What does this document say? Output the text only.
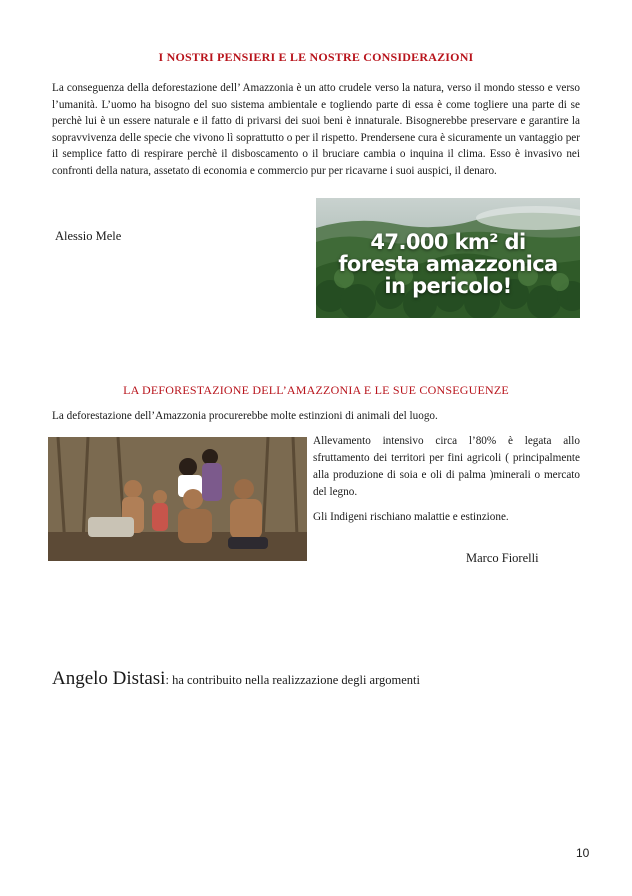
I NOSTRI PENSIERI E LE NOSTRE CONSIDERAZIONI

La conseguenza della deforestazione dell’ Amazzonia è un atto crudele verso la natura, verso il mondo stesso e verso l’umanità. L’uomo ha bisogno del suo sistema ambientale e togliendo parte di essa è come togliere una parte di se perchè lui è un essere naturale e il fatto di privarsi dei suoi beni è innaturale. Bisognerebbe preservare e garantire la sopravvivenza delle specie che vivono lì soprattutto o per il rispetto. Prendersene cura è sicuramente un vantaggio per il semplice fatto di respirare perchè il disboscamento o il bruciare cambia o inquina il clima. Esso è invasivo nei confronti della natura, assetato di economia e commercio pur per ricavarne i suoi auspici, il denaro.

Alessio Mele	47.000 km² di
foresta amazzonica
in pericolo!
LA DEFORESTAZIONE DELL’AMAZZONIA E LE SUE CONSEGUENZE

La deforestazione dell’Amazzonia procurerebbe molte estinzioni di animali del luogo.

Allevamento intensivo circa l’80% è legata allo sfruttamento dei territori per fini agricoli ( principalmente alla produzione di soia e oli di palma )minerali o mercato del legno.

Gli Indigeni rischiano malattie e estinzione.

Marco Fiorelli
Angelo Distasi: ha contribuito nella realizzazione degli argomenti
10
